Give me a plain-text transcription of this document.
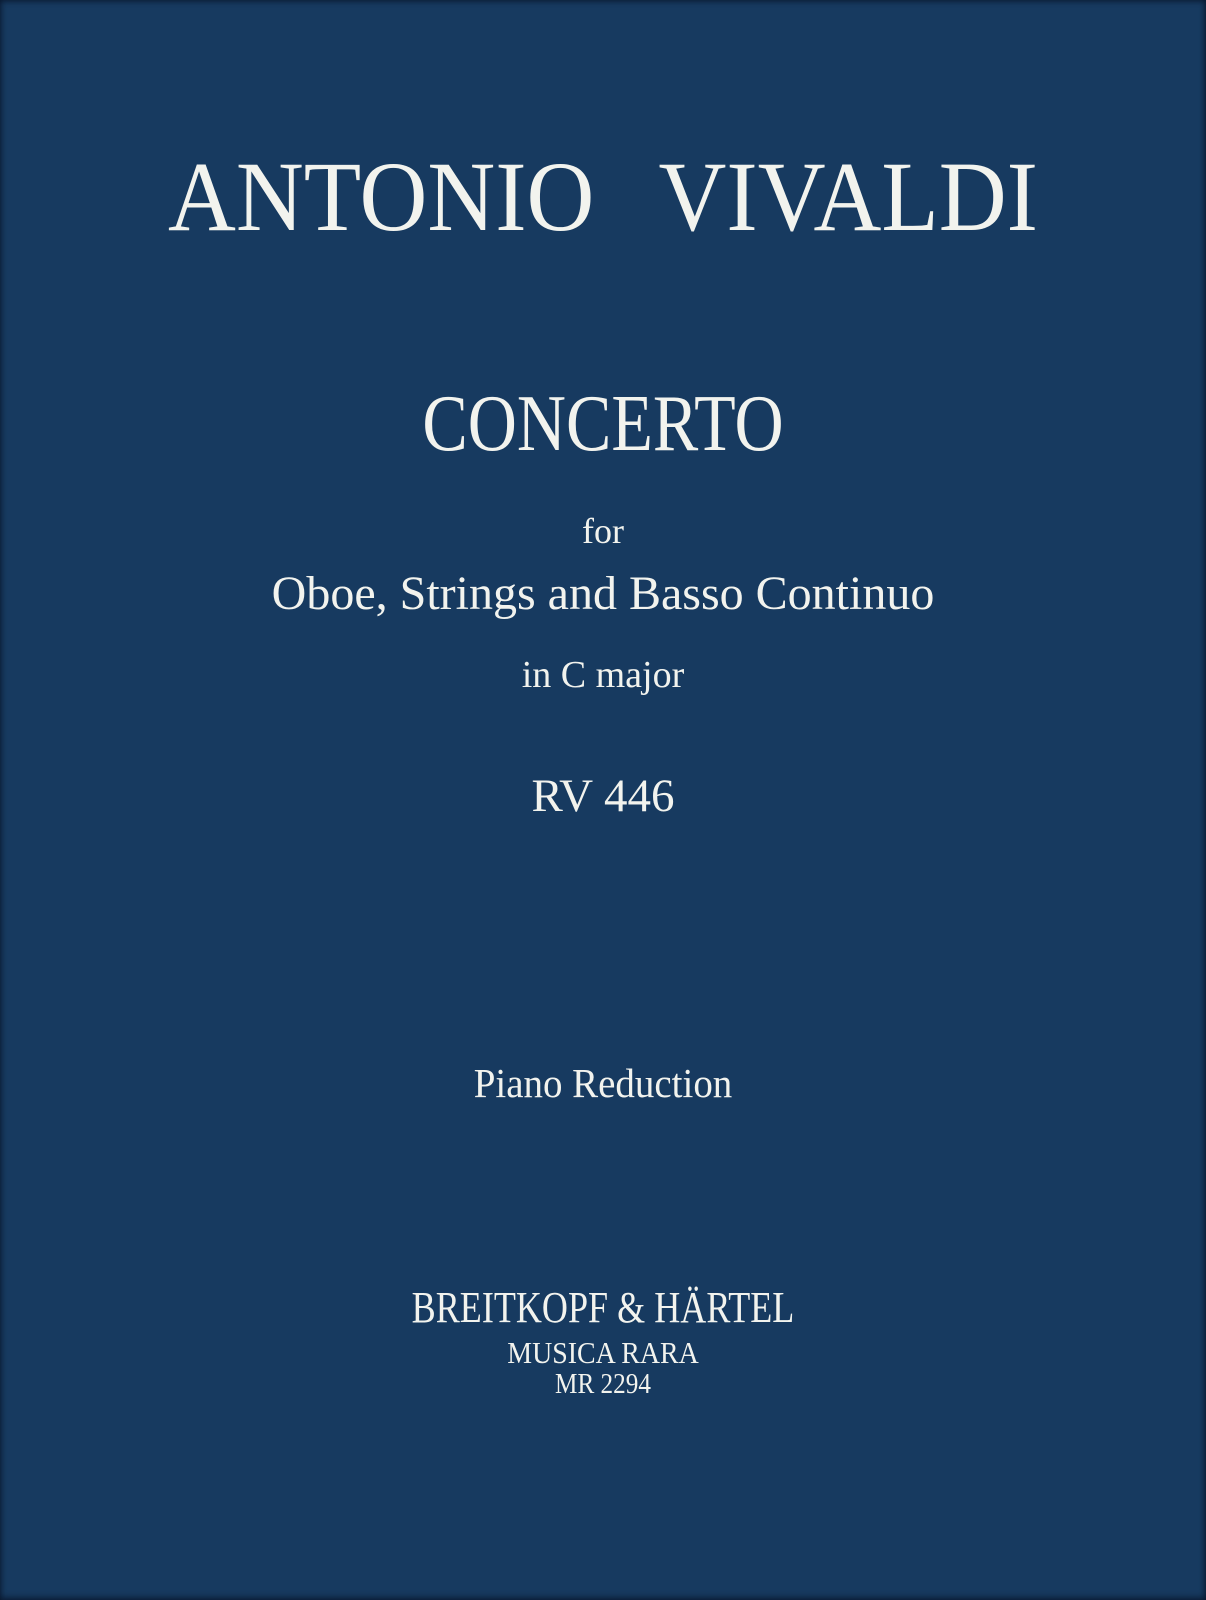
ANTONIO VIVALDI
CONCERTO
for
Oboe, Strings and Basso Continuo
in C major
RV 446
Piano Reduction
BREITKOPF & HÄRTEL
MUSICA RARA
MR 2294
